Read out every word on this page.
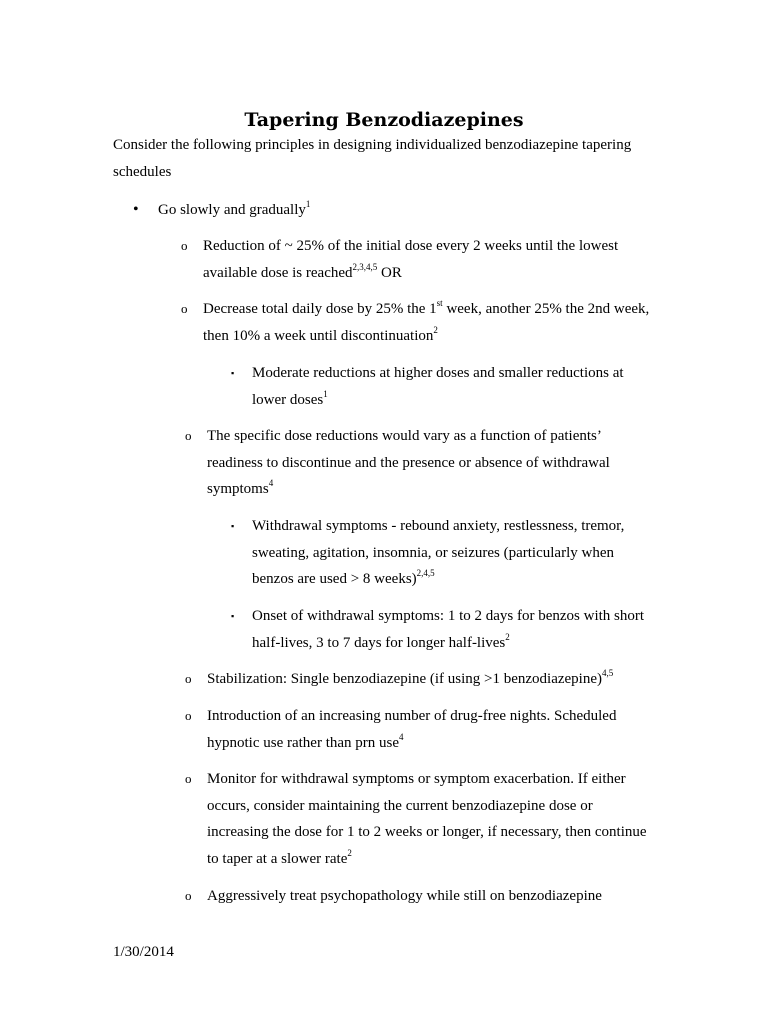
Tapering Benzodiazepines

Consider the following principles in designing individualized benzodiazepine tapering schedules

• Go slowly and gradually$^1$

o Reduction of ~ 25% of the initial dose every 2 weeks until the lowest available dose is reached$^{2,3,4,5}$ OR

o Decrease total daily dose by 25% the 1st week, another 25% the 2nd week, then 10% a week until discontinuation$^2$

▪ Moderate reductions at higher doses and smaller reductions at lower doses$^1$

o The specific dose reductions would vary as a function of patients’ readiness to discontinue and the presence or absence of withdrawal symptoms$^4$

▪ Withdrawal symptoms - rebound anxiety, restlessness, tremor, sweating, agitation, insomnia, or seizures (particularly when benzos are used > 8 weeks)$^{2,4,5}$

▪ Onset of withdrawal symptoms: 1 to 2 days for benzos with short half-lives, 3 to 7 days for longer half-lives$^2$

o Stabilization: Single benzodiazepine (if using >1 benzodiazepine)$^{4,5}$

o Introduction of an increasing number of drug-free nights. Scheduled hypnotic use rather than prn use$^4$

o Monitor for withdrawal symptoms or symptom exacerbation. If either occurs, consider maintaining the current benzodiazepine dose or increasing the dose for 1 to 2 weeks or longer, if necessary, then continue to taper at a slower rate$^2$

o Aggressively treat psychopathology while still on benzodiazepine

1/30/2014
